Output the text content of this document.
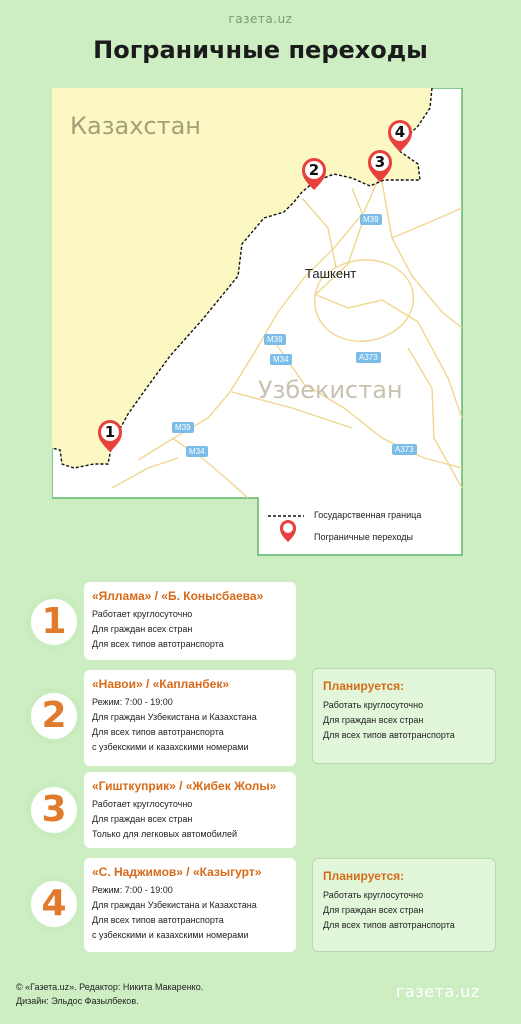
газета.uz
Пограничные переходы
Казахстан
Узбекистан
Ташкент
M39
M39
M34
M39
M34
A373
A373
1
2	3
4
Государственная граница
Пограничные переходы
1
«Яллама» / «Б. Конысбаева»
Работает круглосуточно
Для граждан всех стран
Для всех типов автотранспорта
2
«Навои» / «Капланбек»
Режим: 7:00 - 19:00
Для граждан Узбекистана и Казахстана
Для всех типов автотранспорта
с узбекскими и казахскими номерами
Планируется:
Работать круглосуточно
Для граждан всех стран
Для всех типов автотранспорта
3
«Гишткуприк» / «Жибек Жолы»
Работает круглосуточно
Для граждан всех стран
Только для легковых автомобилей
4
«С. Наджимов» / «Казыгурт»
Режим: 7:00 - 19:00
Для граждан Узбекистана и Казахстана
Для всех типов автотранспорта
с узбекскими и казахскими номерами
Планируется:
Работать круглосуточно
Для граждан всех стран
Для всех типов автотранспорта
© «Газета.uz». Редактор: Никита Макаренко.
Дизайн: Эльдос Фазылбеков.	газета.uz
